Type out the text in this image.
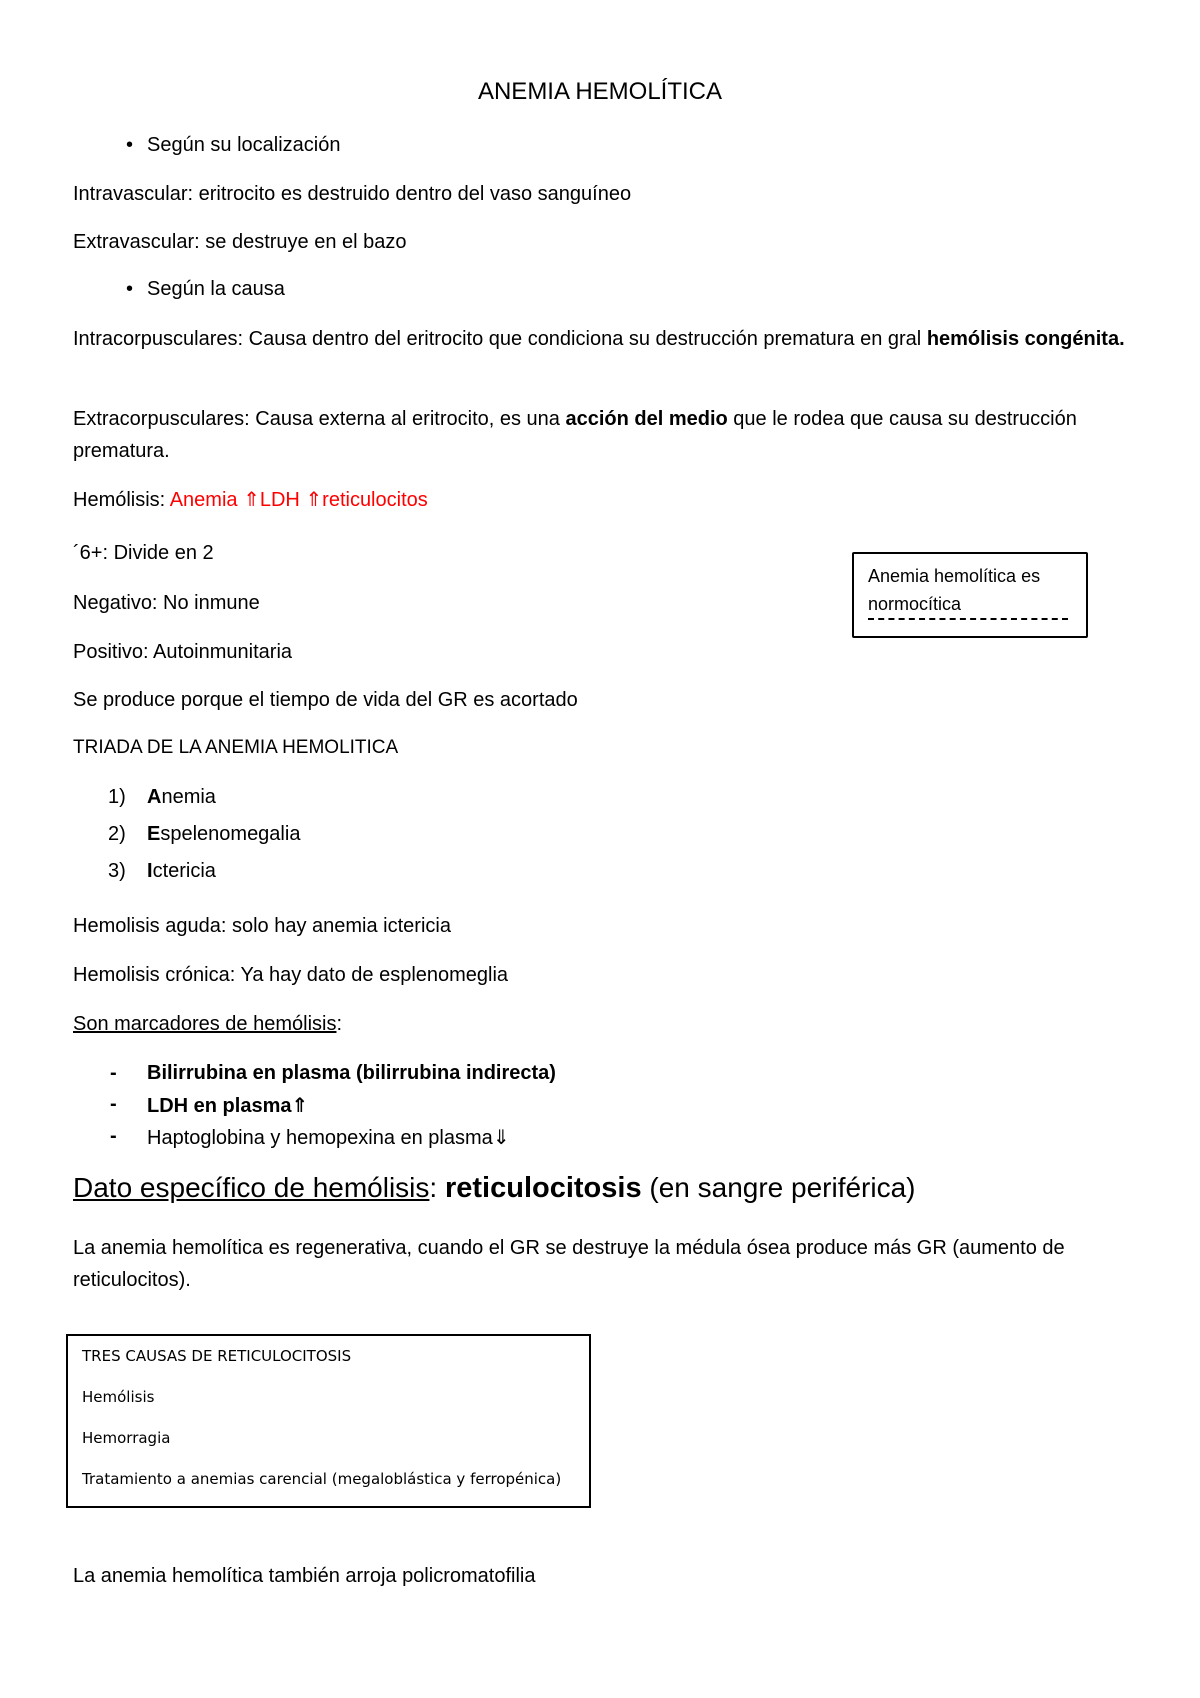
ANEMIA HEMOLÍTICA
• Según su localización

Intravascular: eritrocito es destruido dentro del vaso sanguíneo

Extravascular: se destruye en el bazo

• Según la causa

Intracorpusculares: Causa dentro del eritrocito que condiciona su destrucción prematura en gral hemólisis congénita.

Extracorpusculares: Causa externa al eritrocito, es una acción del medio que le rodea que causa su destrucción prematura.

Hemólisis: Anemia ⇑LDH ⇑reticulocitos

´6+: Divide en 2

Negativo: No inmune

Positivo: Autoinmunitaria

Se produce porque el tiempo de vida del GR es acortado

Anemia hemolítica es
normocítica

TRIADA DE LA ANEMIA HEMOLITICA

1) Anemia
2) Espelenomegalia
3) Ictericia

Hemolisis aguda: solo hay anemia ictericia

Hemolisis crónica: Ya hay dato de esplenomeglia

Son marcadores de hemólisis:

- Bilirrubina en plasma (bilirrubina indirecta)
- LDH en plasma⇑
- Haptoglobina y hemopexina en plasma⇓
Dato específico de hemólisis: reticulocitosis (en sangre periférica)

La anemia hemolítica es regenerativa, cuando el GR se destruye la médula ósea produce más GR (aumento de reticulocitos).

TRES CAUSAS DE RETICULOCITOSIS
Hemólisis
Hemorragia
Tratamiento a anemias carencial (megaloblástica y ferropénica)

La anemia hemolítica también arroja policromatofilia
